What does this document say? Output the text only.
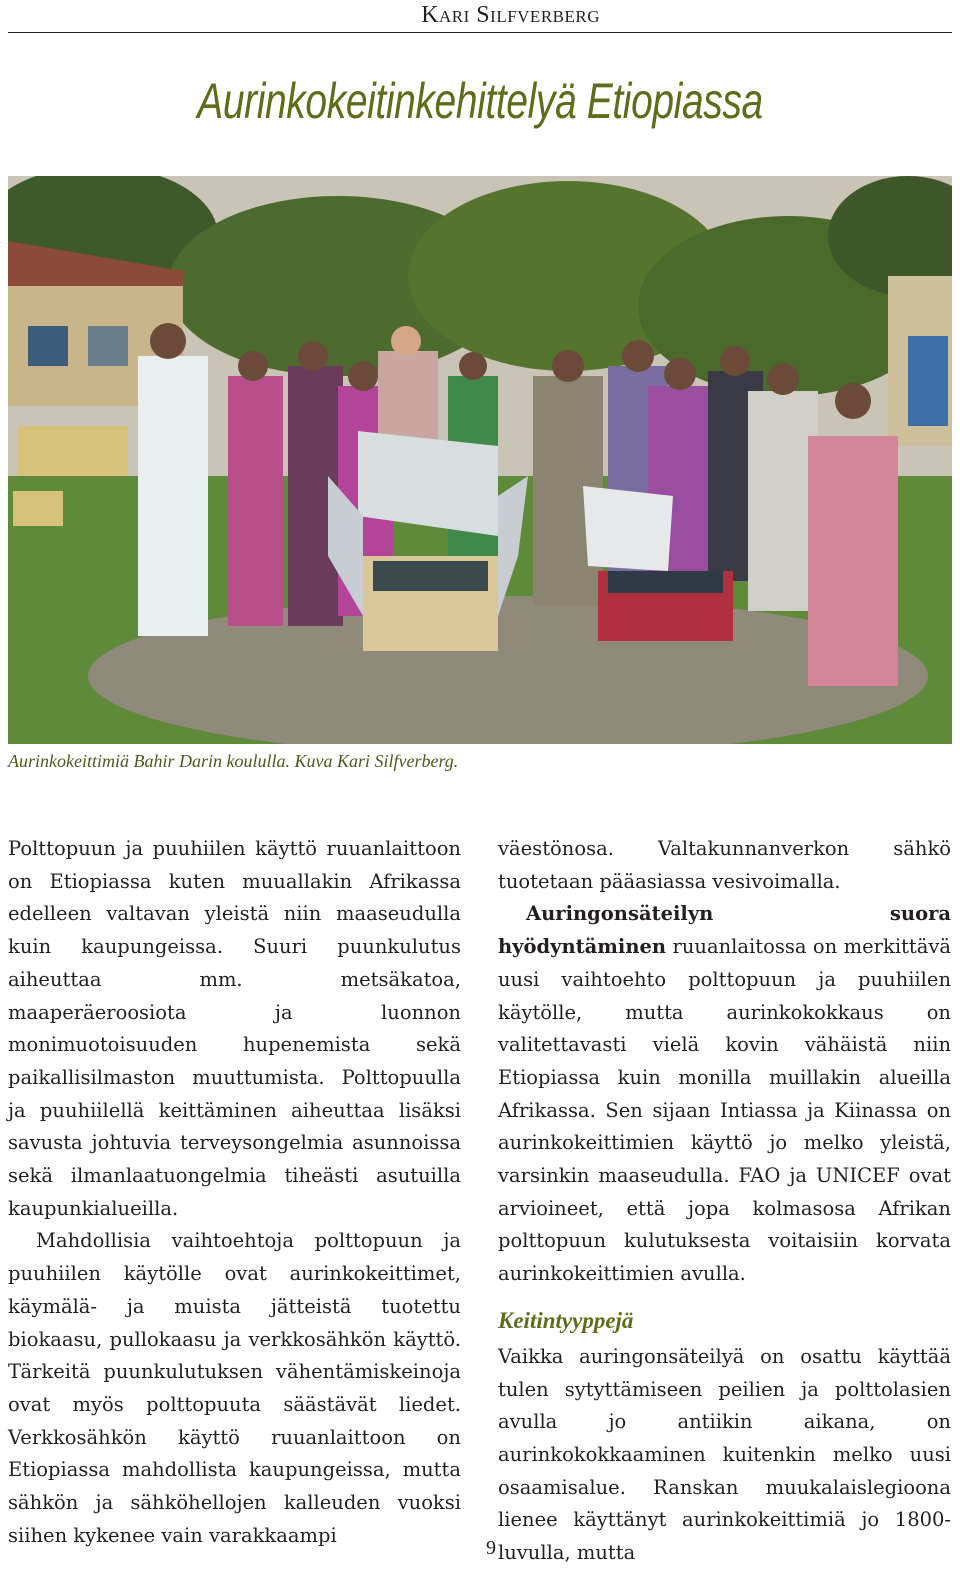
Kari Silfverberg
Aurinkokeitinkehittelyä Etiopiassa
Aurinkokeittimiä Bahir Darin koululla. Kuva Kari Silfverberg.

Polttopuun ja puuhiilen käyttö ruuanlaittoon on Etiopiassa kuten muuallakin Afrikassa edelleen valtavan yleistä niin maaseudulla kuin kaupungeissa. Suuri puunkulutus aiheuttaa mm. metsäkatoa, maaperäeroosiota ja luonnon monimuotoisuuden hupenemista sekä paikallisilmaston muuttumista. Polttopuulla ja puuhiilellä keittäminen aiheuttaa lisäksi savusta johtuvia terveysongelmia asunnoissa sekä ilmanlaatuongelmia tiheästi asutuilla kaupunkialueilla.

Mahdollisia vaihtoehtoja polttopuun ja puuhiilen käytölle ovat aurinkokeittimet, käymälä- ja muista jätteistä tuotettu biokaasu, pullokaasu ja verkkosähkön käyttö. Tärkeitä puunkulutuksen vähentämiskeinoja ovat myös polttopuuta säästävät liedet. Verkkosähkön käyttö ruuanlaittoon on Etiopiassa mahdollista kaupungeissa, mutta sähkön ja sähköhellojen kalleuden vuoksi siihen kykenee vain varakkaampi

väestönosa. Valtakunnanverkon sähkö tuotetaan pääasiassa vesivoimalla.

Auringonsäteilyn suora hyödyntäminen ruuanlaitossa on merkittävä uusi vaihtoehto polttopuun ja puuhiilen käytölle, mutta aurinkokokkaus on valitettavasti vielä kovin vähäistä niin Etiopiassa kuin monilla muillakin alueilla Afrikassa. Sen sijaan Intiassa ja Kiinassa on aurinkokeittimien käyttö jo melko yleistä, varsinkin maaseudulla. FAO ja UNICEF ovat arvioineet, että jopa kolmasosa Afrikan polttopuun kulutuksesta voitaisiin korvata aurinkokeittimien avulla.

Keitintyyppejä

Vaikka auringonsäteilyä on osattu käyttää tulen sytyttämiseen peilien ja polttolasien avulla jo antiikin aikana, on aurinkokokkaaminen kuitenkin melko uusi osaamisalue. Ranskan muukalaislegioona lienee käyttänyt aurinkokeittimiä jo 1800-luvulla, mutta

9
